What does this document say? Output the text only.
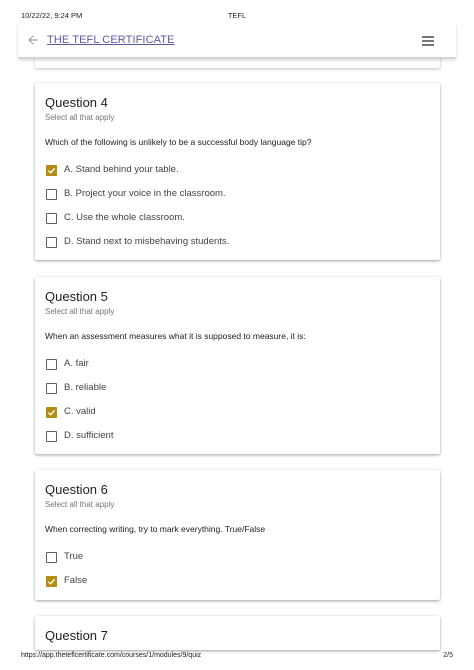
10/22/22, 9:24 PM	TEFL
THE TEFL CERTIFICATE
Question 4
Select all that apply
Which of the following is unlikely to be a successful body language tip?
A. Stand behind your table.
B. Project your voice in the classroom.
C. Use the whole classroom.
D. Stand next to misbehaving students.
Question 5
Select all that apply
When an assessment measures what it is supposed to measure, it is:
A. fair
B. reliable
C. valid
D. sufficient
Question 6
Select all that apply
When correcting writing, try to mark everything. True/False
True
False
Question 7
https://app.theteflcertificate.com/courses/1/modules/9/quiz	2/5
